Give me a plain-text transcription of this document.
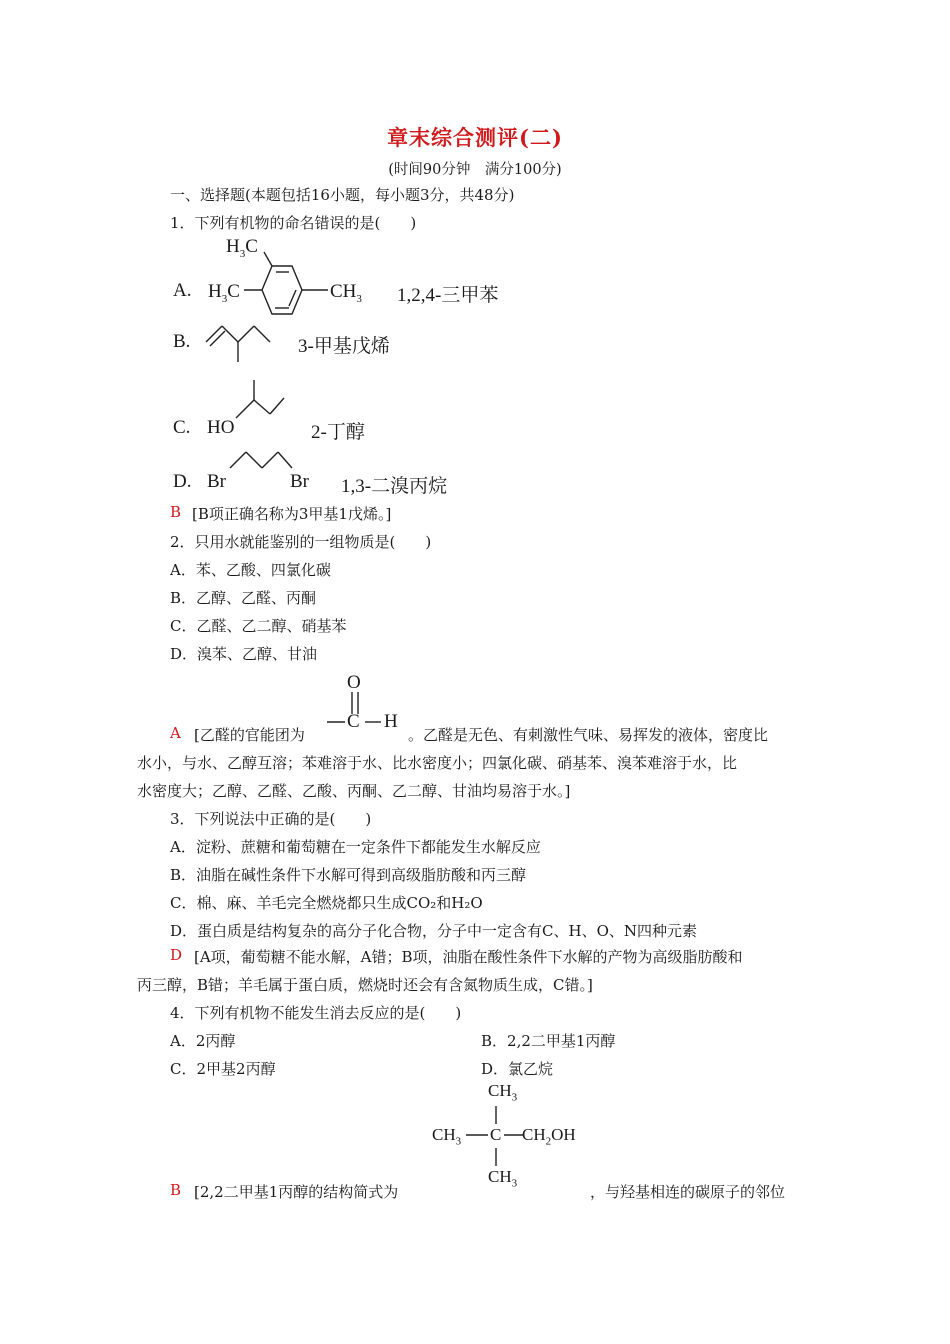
章末综合测评(二)
(时间90分钟　满分100分)
一、选择题(本题包括16小题，每小题3分，共48分)
1．下列有机物的命名错误的是(　　)
A.
$H_3C$
$H_3C$	$CH_3$ 1,2,4-三甲苯
B.	3-甲基戊烯
C. HO	2-丁醇
D. Br	Br 1,3-二溴丙烷
B [B项正确名称为3甲基1戊烯。]
2．只用水就能鉴别的一组物质是(　　)
A．苯、乙酸、四氯化碳
B．乙醇、乙醛、丙酮
C．乙醛、乙二醇、硝基苯
D．溴苯、乙醇、甘油
A [乙醛的官能团为
O
C H
。乙醛是无色、有刺激性气味、易挥发的液体，密度比
水小，与水、乙醇互溶；苯难溶于水、比水密度小；四氯化碳、硝基苯、溴苯难溶于水，比
水密度大；乙醇、乙醛、乙酸、丙酮、乙二醇、甘油均易溶于水。]
3．下列说法中正确的是(　　)
A．淀粉、蔗糖和葡萄糖在一定条件下都能发生水解反应
B．油脂在碱性条件下水解可得到高级脂肪酸和丙三醇
C．棉、麻、羊毛完全燃烧都只生成CO₂和H₂O
D．蛋白质是结构复杂的高分子化合物，分子中一定含有C、H、O、N四种元素
D [A项，葡萄糖不能水解，A错；B项，油脂在酸性条件下水解的产物为高级脂肪酸和
丙三醇，B错；羊毛属于蛋白质，燃烧时还会有含氮物质生成，C错。]
4．下列有机物不能发生消去反应的是(　　)
A．2丙醇	B．2,2二甲基1丙醇
C．2甲基2丙醇	D．氯乙烷
$CH_3$
$CH_3$ C $CH_2OH$
$CH_3$
B [2,2二甲基1丙醇的结构简式为	，与羟基相连的碳原子的邻位
